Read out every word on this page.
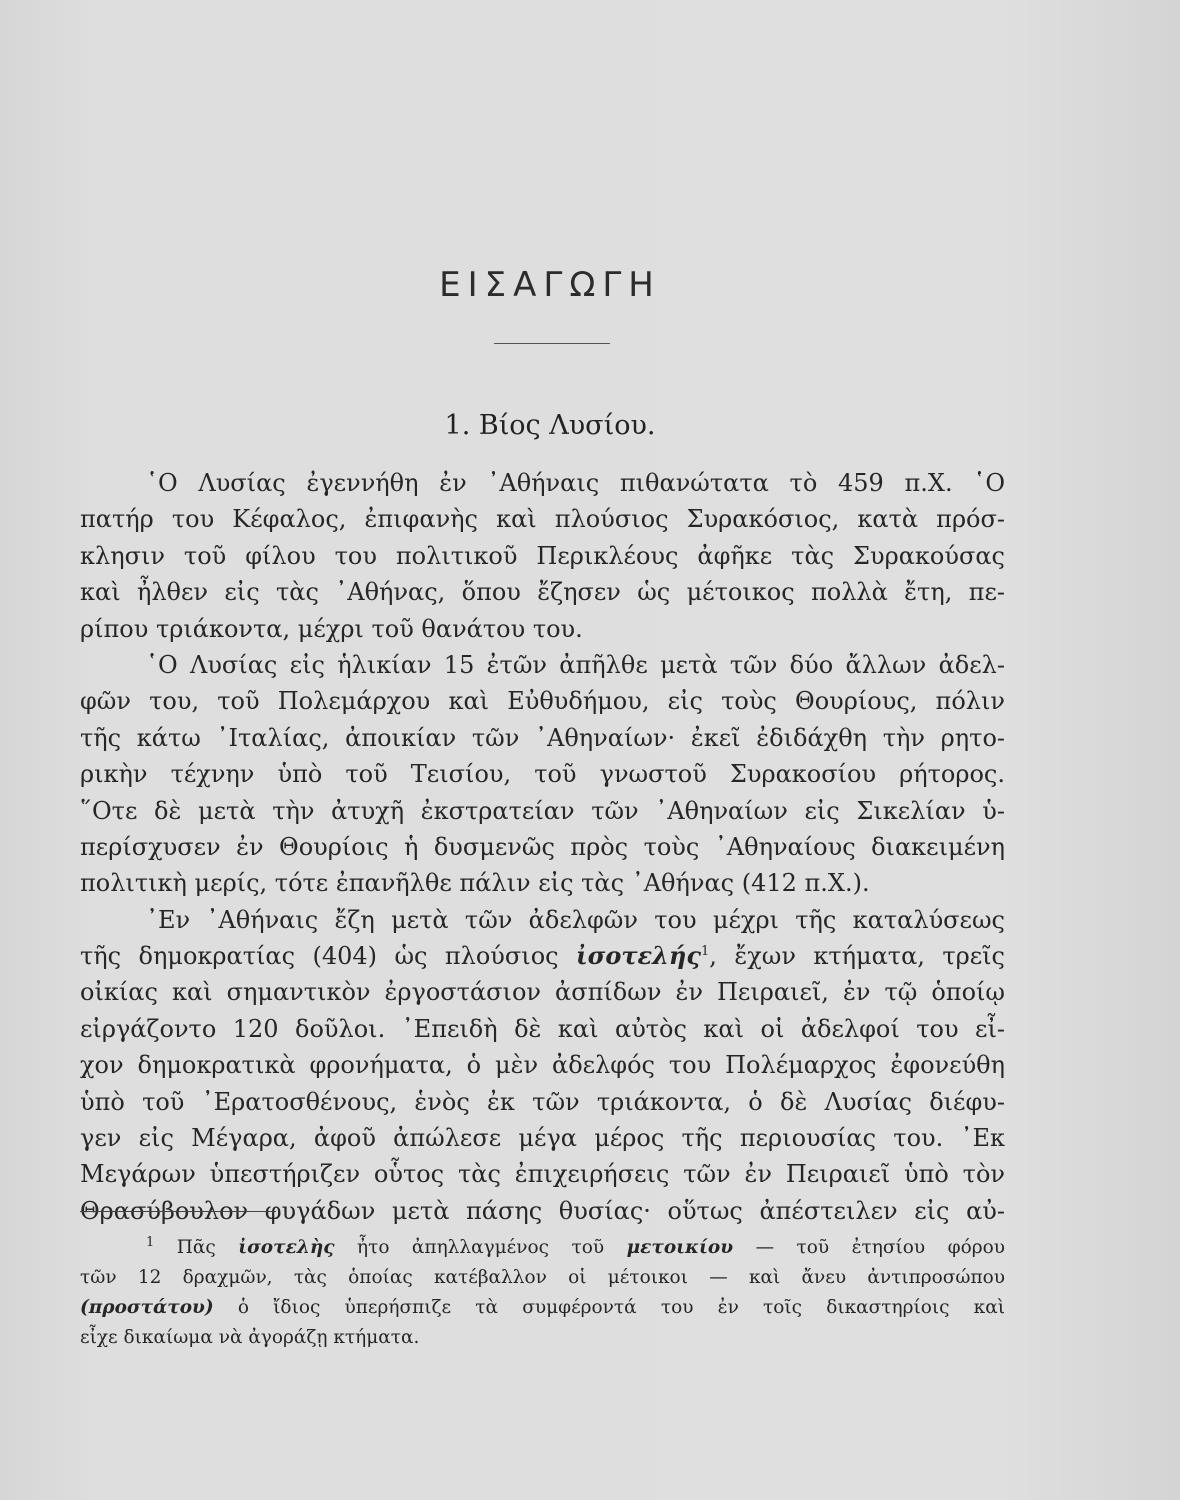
ΕΙΣΑΓΩΓΗ
1. Βίος Λυσίου.
῾Ο Λυσίας ἐγεννήθη ἐν ᾿Αθήναις πιθανώτατα τὸ 459 π.Χ. ῾Ο
πατήρ του Κέφαλος, ἐπιφανὴς καὶ πλούσιος Συρακόσιος, κατὰ πρόσ-
κλησιν τοῦ φίλου του πολιτικοῦ Περικλέους ἀφῆκε τὰς Συρακούσας
καὶ ἦλθεν εἰς τὰς ᾿Αθήνας, ὅπου ἔζησεν ὡς μέτοικος πολλὰ ἔτη, πε-
ρίπου τριάκοντα, μέχρι τοῦ θανάτου του.
῾Ο Λυσίας εἰς ἡλικίαν 15 ἐτῶν ἀπῆλθε μετὰ τῶν δύο ἄλλων ἀδελ-
φῶν του, τοῦ Πολεμάρχου καὶ Εὐθυδήμου, εἰς τοὺς Θουρίους, πόλιν
τῆς κάτω ᾿Ιταλίας, ἀποικίαν τῶν ᾿Αθηναίων· ἐκεῖ ἐδιδάχθη τὴν ρητο-
ρικὴν τέχνην ὑπὸ τοῦ Τεισίου, τοῦ γνωστοῦ Συρακοσίου ρήτορος.
῞Οτε δὲ μετὰ τὴν ἀτυχῆ ἐκστρατείαν τῶν ᾿Αθηναίων εἰς Σικελίαν ὑ-
περίσχυσεν ἐν Θουρίοις ἡ δυσμενῶς πρὸς τοὺς ᾿Αθηναίους διακειμένη
πολιτικὴ μερίς, τότε ἐπανῆλθε πάλιν εἰς τὰς ᾿Αθήνας (412 π.Χ.).
᾿Εν ᾿Αθήναις ἔζη μετὰ τῶν ἀδελφῶν του μέχρι τῆς καταλύσεως
τῆς δημοκρατίας (404) ὡς πλούσιος ἰσοτελής$^1$, ἔχων κτήματα, τρεῖς
οἰκίας καὶ σημαντικὸν ἐργοστάσιον ἀσπίδων ἐν Πειραιεῖ, ἐν τῷ ὁποίῳ
εἰργάζοντο 120 δοῦλοι. ᾿Επειδὴ δὲ καὶ αὐτὸς καὶ οἱ ἀδελφοί του εἶ-
χον δημοκρατικὰ φρονήματα, ὁ μὲν ἀδελφός του Πολέμαρχος ἐφονεύθη
ὑπὸ τοῦ ᾿Ερατοσθένους, ἑνὸς ἐκ τῶν τριάκοντα, ὁ δὲ Λυσίας διέφυ-
γεν εἰς Μέγαρα, ἀφοῦ ἀπώλεσε μέγα μέρος τῆς περιουσίας του. ᾿Εκ
Μεγάρων ὑπεστήριζεν οὗτος τὰς ἐπιχειρήσεις τῶν ἐν Πειραιεῖ ὑπὸ τὸν
Θρασύβουλον φυγάδων μετὰ πάσης θυσίας· οὕτως ἀπέστειλεν εἰς αὐ-
$^1$ Πᾶς ἰσοτελὴς ἦτο ἀπηλλαγμένος τοῦ μετοικίου — τοῦ ἐτησίου φόρου
τῶν 12 δραχμῶν, τὰς ὁποίας κατέβαλλον οἱ μέτοικοι — καὶ ἄνευ ἀντιπροσώπου
(προστάτου) ὁ ἴδιος ὑπερήσπιζε τὰ συμφέροντά του ἐν τοῖς δικαστηρίοις καὶ
εἶχε δικαίωμα νὰ ἀγοράζῃ κτήματα.
